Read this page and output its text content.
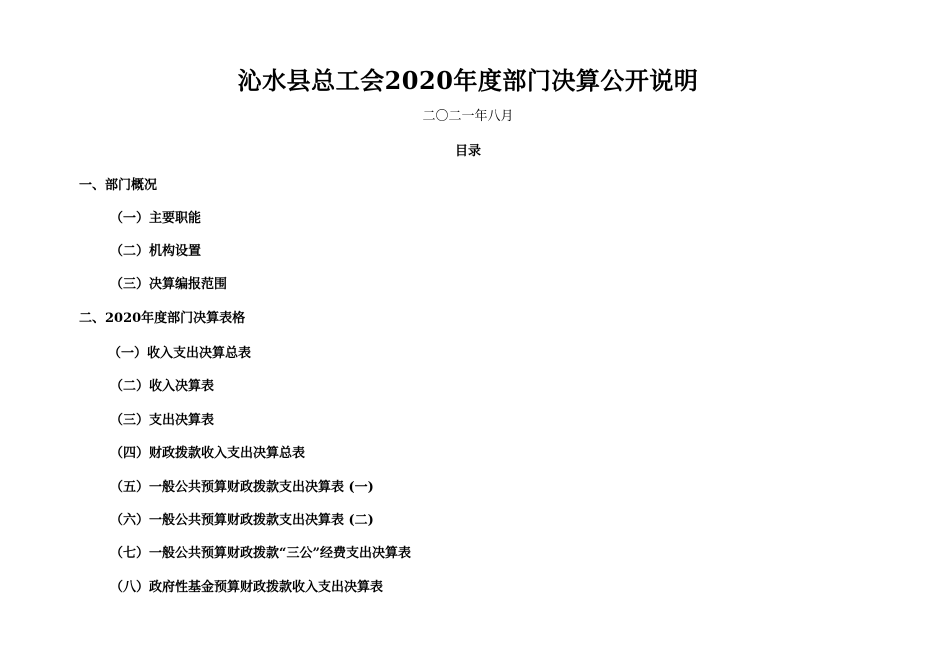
沁水县总工会2020年度部门决算公开说明
二〇二一年八月
目录
一、部门概况
（一）主要职能
（二）机构设置
（三）决算编报范围
二、2020年度部门决算表格
（一）收入支出决算总表
（二）收入决算表
（三）支出决算表
（四）财政拨款收入支出决算总表
（五）一般公共预算财政拨款支出决算表 (一)
（六）一般公共预算财政拨款支出决算表 (二)
（七）一般公共预算财政拨款“三公”经费支出决算表
（八）政府性基金预算财政拨款收入支出决算表
